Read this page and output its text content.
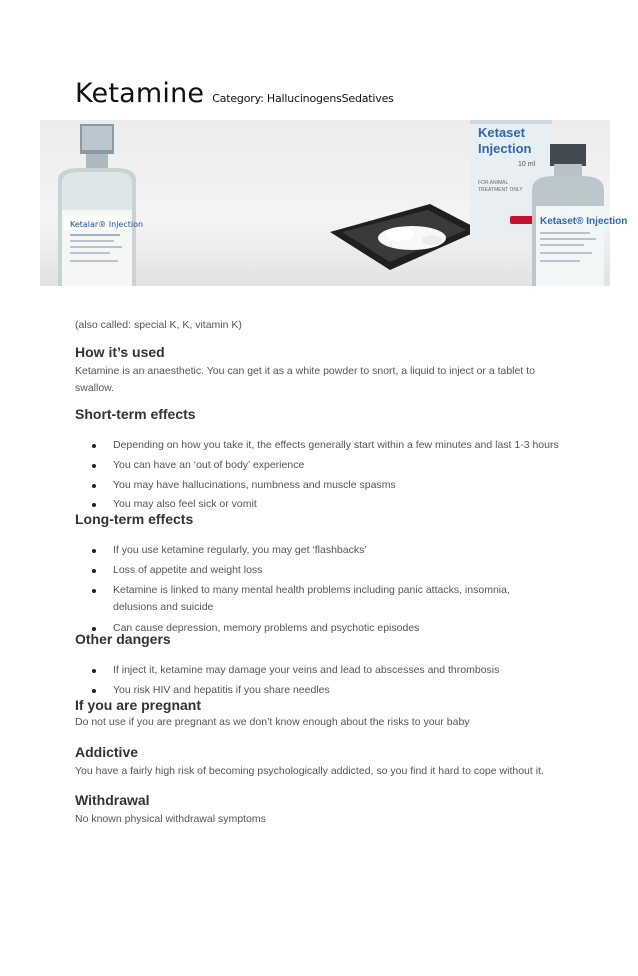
Ketamine Category: HallucinogensSedatives
Ketalar® Injection
Ketaset
Injection
10 ml
FOR ANIMAL
TREATMENT ONLY
Ketaset® Injection
(also called: special K, K, vitamin K)
How it’s used

Ketamine is an anaesthetic. You can get it as a white powder to snort, a liquid to inject or a tablet to swallow.

Short-term effects
Depending on how you take it, the effects generally start within a few minutes and last 1-3 hours
You can have an ‘out of body’ experience
You may have hallucinations, numbness and muscle spasms
You may also feel sick or vomit
Long-term effects
If you use ketamine regularly, you may get ‘flashbacks’
Loss of appetite and weight loss
Ketamine is linked to many mental health problems including panic attacks, insomnia, delusions and suicide
Can cause depression, memory problems and psychotic episodes
Other dangers
If inject it, ketamine may damage your veins and lead to abscesses and thrombosis
You risk HIV and hepatitis if you share needles
If you are pregnant

Do not use if you are pregnant as we don’t know enough about the risks to your baby

Addictive

You have a fairly high risk of becoming psychologically addicted, so you find it hard to cope without it.

Withdrawal

No known physical withdrawal symptoms
